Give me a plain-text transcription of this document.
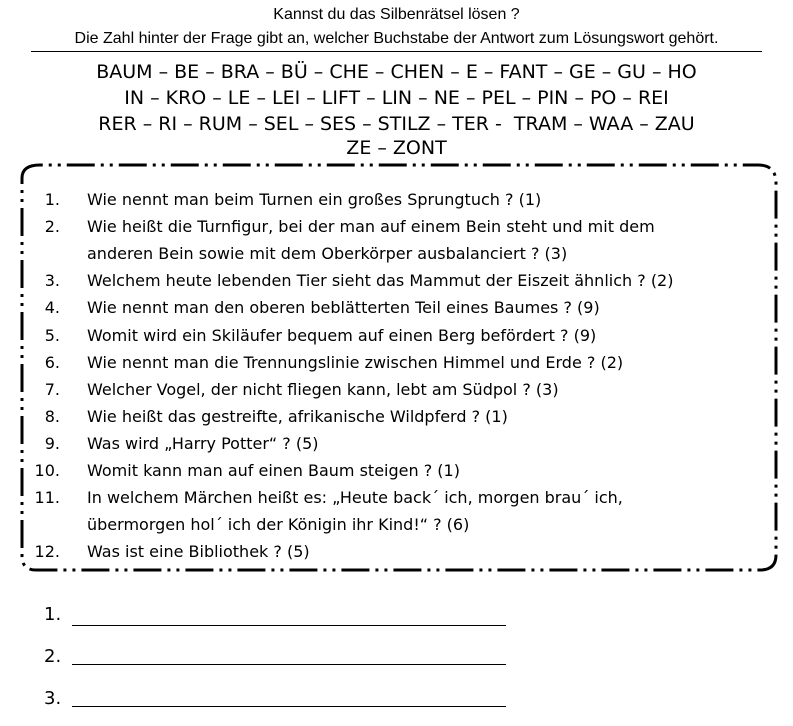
Kannst du das Silbenrätsel lösen ?
Die Zahl hinter der Frage gibt an, welcher Buchstabe der Antwort zum Lösungswort gehört.
BAUM – BE – BRA – BÜ – CHE – CHEN – E – FANT – GE – GU – HO
IN – KRO – LE – LEI – LIFT – LIN – NE – PEL – PIN – PO – REI
RER – RI – RUM – SEL – SES – STILZ – TER -  TRAM – WAA – ZAU
ZE – ZONT
1. Wie nennt man beim Turnen ein großes Sprungtuch ? (1)
2. Wie heißt die Turnfigur, bei der man auf einem Bein steht und mit dem
anderen Bein sowie mit dem Oberkörper ausbalanciert ? (3)
3. Welchem heute lebenden Tier sieht das Mammut der Eiszeit ähnlich ? (2)
4. Wie nennt man den oberen beblätterten Teil eines Baumes ? (9)
5. Womit wird ein Skiläufer bequem auf einen Berg befördert ? (9)
6. Wie nennt man die Trennungslinie zwischen Himmel und Erde ? (2)
7. Welcher Vogel, der nicht fliegen kann, lebt am Südpol ? (3)
8. Wie heißt das gestreifte, afrikanische Wildpferd ? (1)
9. Was wird „Harry Potter“ ? (5)
10. Womit kann man auf einen Baum steigen ? (1)
11. In welchem Märchen heißt es: „Heute back´ ich, morgen brau´ ich,
übermorgen hol´ ich der Königin ihr Kind!“ ? (6)
12. Was ist eine Bibliothek ? (5)
1.
2.
3.
